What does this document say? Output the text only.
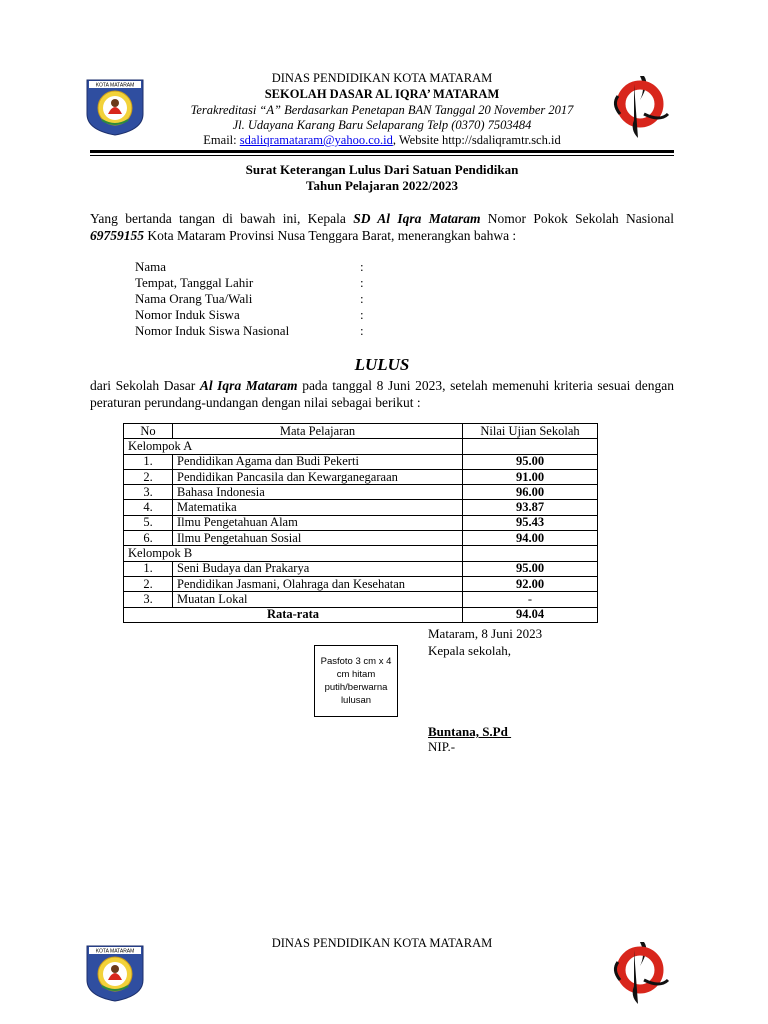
KOTA MATARAM
DINAS PENDIDIKAN KOTA MATARAM
SEKOLAH DASAR AL IQRA’ MATARAM
Terakreditasi “A” Berdasarkan Penetapan BAN Tanggal 20 November 2017
Jl. Udayana Karang Baru Selaparang Telp (0370) 7503484
Email: sdaliqramataram@yahoo.co.id, Website http://sdaliqramtr.sch.id
Surat Keterangan Lulus Dari Satuan Pendidikan
Tahun Pelajaran 2022/2023

Yang bertanda tangan di bawah ini, Kepala SD Al Iqra Mataram Nomor Pokok Sekolah Nasional 69759155 Kota Mataram Provinsi Nusa Tenggara Barat, menerangkan bahwa :

Nama	:
Tempat, Tanggal Lahir	:
Nama Orang Tua/Wali	:
Nomor Induk Siswa	:
Nomor Induk Siswa Nasional	:
LULUS

dari Sekolah Dasar Al Iqra Mataram pada tanggal 8 Juni 2023, setelah memenuhi kriteria sesuai dengan peraturan perundang-undangan dengan nilai sebagai berikut :

No	Mata Pelajaran	Nilai Ujian Sekolah
Kelompok A		
1.	Pendidikan Agama dan Budi Pekerti	95.00
2.	Pendidikan Pancasila dan Kewarganegaraan	91.00
3.	Bahasa Indonesia	96.00
4.	Matematika	93.87
5.	Ilmu Pengetahuan Alam	95.43
6.	Ilmu Pengetahuan Sosial	94.00
Kelompok B		
1.	Seni Budaya dan Prakarya	95.00
2.	Pendidikan Jasmani, Olahraga dan Kesehatan	92.00
3.	Muatan Lokal	-
Rata-rata		94.04
Mataram, 8 Juni 2023
Kepala sekolah,
Buntana, S.Pd
NIP.-
Pasfoto 3 cm x 4 cm hitam putih/berwarna lulusan
KOTA MATARAM
DINAS PENDIDIKAN KOTA MATARAM
